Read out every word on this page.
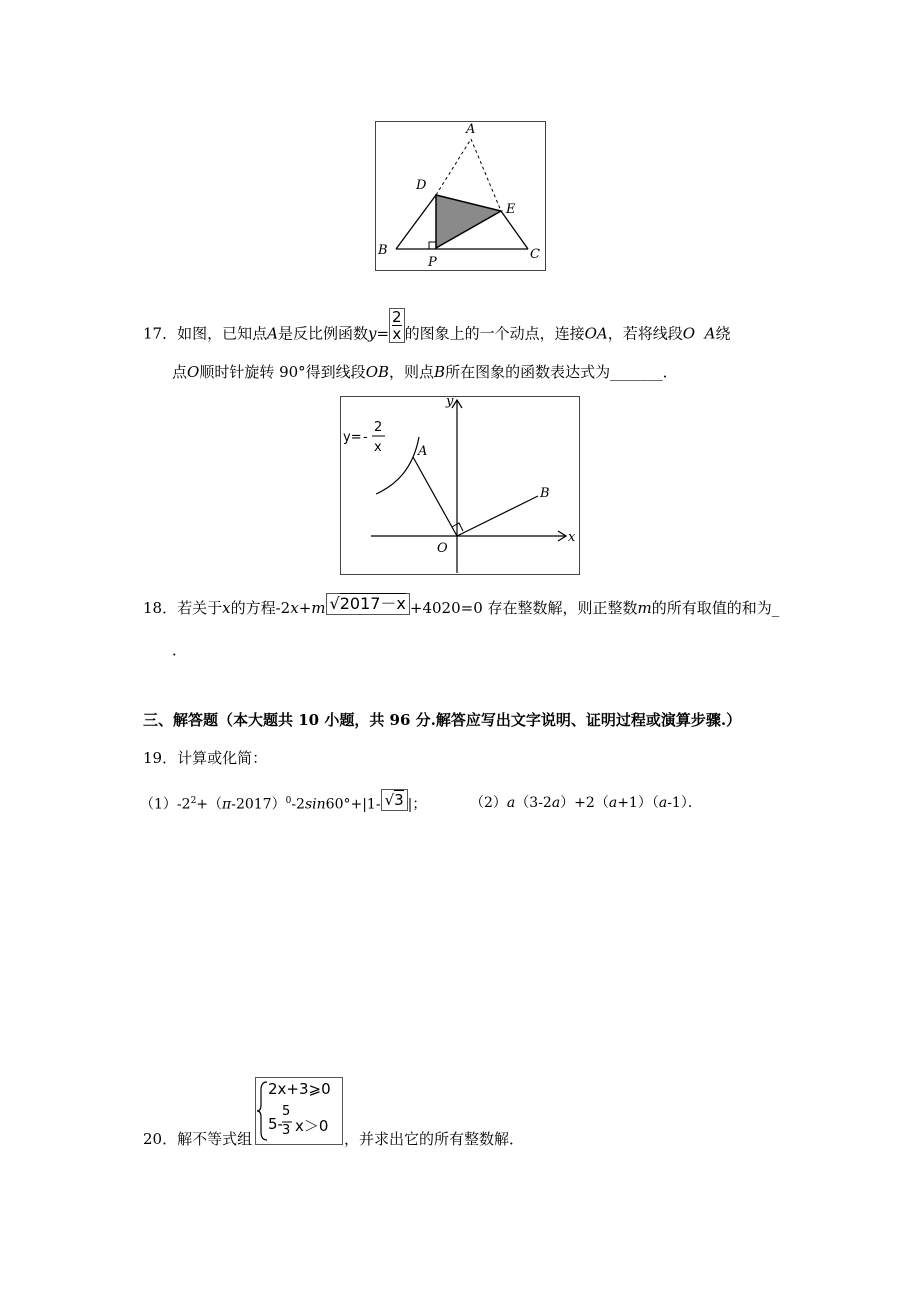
A
B	C
D
E
P
17．如图，已知点A是反比例函数$y= \frac{2}{x}$的图象上的一个动点，连接OA，若将线段O A绕
点O顺时针旋转 90°得到线段OB，则点B所在图象的函数表达式为_______．
y= -
2
x	A
B
O
x
y
18．若关于x的方程-2x+m √2017－x +4020=0 存在整数解，则正整数m的所有取值的和为_
．
三、解答题（本大题共 10 小题，共 96 分.解答应写出文字说明、证明过程或演算步骤.）
19．计算或化简：
$(1)-2^2+(\pi-2017)^0-2\sin 60^\circ+|1-$ √3 |；	（2）a（3-2a）+2（a+1）（a-1）．
20．解不等式组
2x+3⩾0
5-
5
3 x＞0
，并求出它的所有整数解．
